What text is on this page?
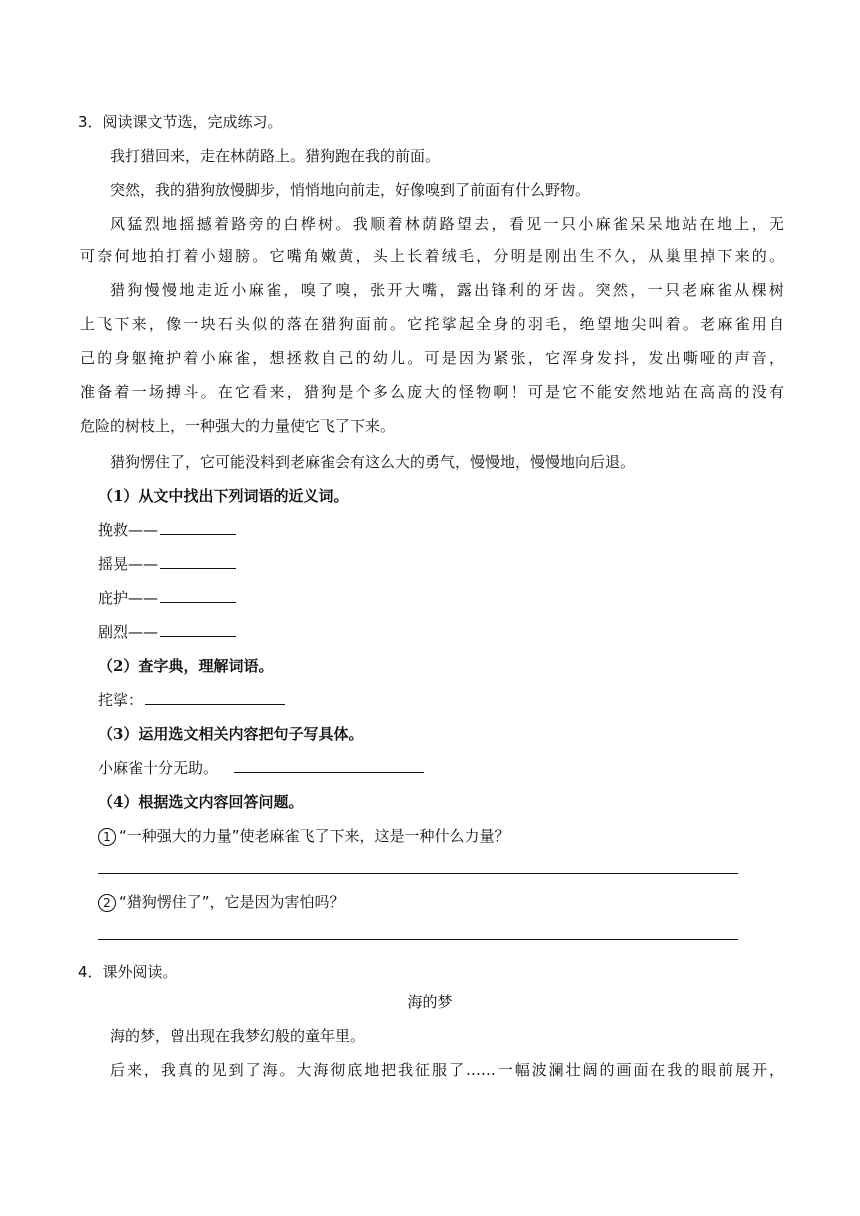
3．阅读课文节选，完成练习。
我打猎回来，走在林荫路上。猎狗跑在我的前面。
突然，我的猎狗放慢脚步，悄悄地向前走，好像嗅到了前面有什么野物。
风猛烈地摇撼着路旁的白桦树。我顺着林荫路望去，看见一只小麻雀呆呆地站在地上，无
可奈何地拍打着小翅膀。它嘴角嫩黄，头上长着绒毛，分明是刚出生不久，从巢里掉下来的。
猎狗慢慢地走近小麻雀，嗅了嗅，张开大嘴，露出锋利的牙齿。突然，一只老麻雀从棵树
上飞下来，像一块石头似的落在猎狗面前。它挓挲起全身的羽毛，绝望地尖叫着。老麻雀用自
己的身躯掩护着小麻雀，想拯救自己的幼儿。可是因为紧张，它浑身发抖，发出嘶哑的声音，
准备着一场搏斗。在它看来，猎狗是个多么庞大的怪物啊！可是它不能安然地站在高高的没有
危险的树枝上，一种强大的力量使它飞了下来。
猎狗愣住了，它可能没料到老麻雀会有这么大的勇气，慢慢地，慢慢地向后退。
（1）从文中找出下列词语的近义词。
挽救——
摇晃——
庇护——
剧烈——
（2）查字典，理解词语。
挓挲：
（3）运用选文相关内容把句子写具体。
小麻雀十分无助。
（4）根据选文内容回答问题。
1 “一种强大的力量”使老麻雀飞了下来，这是一种什么力量？
2 “猎狗愣住了”，它是因为害怕吗？
4．课外阅读。
海的梦
海的梦，曾出现在我梦幻般的童年里。
后来，我真的见到了海。大海彻底地把我征服了……一幅波澜壮阔的画面在我的眼前展开，
